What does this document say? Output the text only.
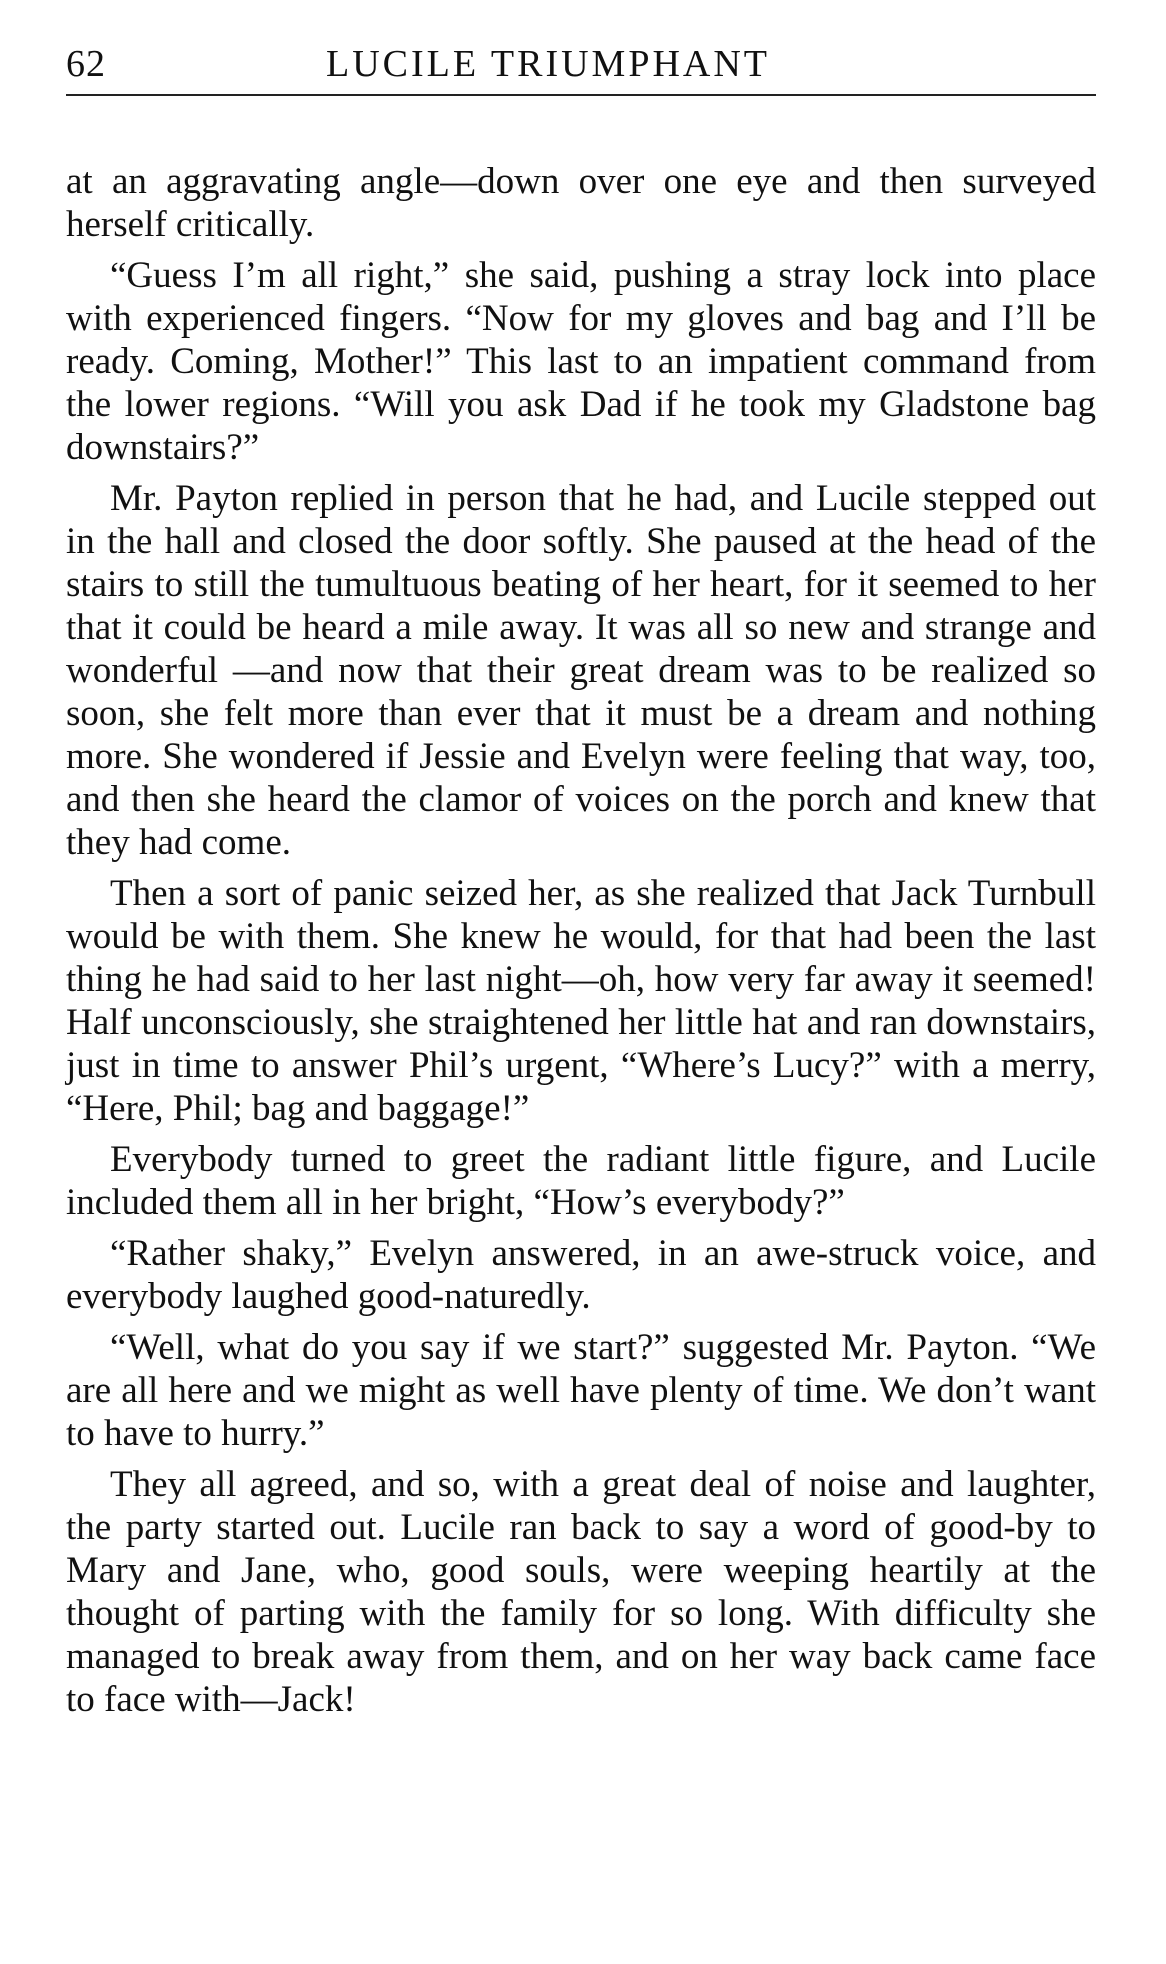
62	LUCILE TRIUMPHANT

at an aggravating angle—down over one eye and then surveyed herself critically.

“Guess I’m all right,” she said, pushing a stray lock into place with experienced fingers. “Now for my gloves and bag and I’ll be ready. Coming, Mother!” This last to an impatient command from the lower regions. “Will you ask Dad if he took my Gladstone bag downstairs?”

Mr. Payton replied in person that he had, and Lucile stepped out in the hall and closed the door softly. She paused at the head of the stairs to still the tumultuous beating of her heart, for it seemed to her that it could be heard a mile away. It was all so new and strange and wonderful —and now that their great dream was to be realized so soon, she felt more than ever that it must be a dream and nothing more. She wondered if Jessie and Evelyn were feeling that way, too, and then she heard the clamor of voices on the porch and knew that they had come.

Then a sort of panic seized her, as she realized that Jack Turnbull would be with them. She knew he would, for that had been the last thing he had said to her last night—oh, how very far away it seemed! Half unconsciously, she straightened her little hat and ran downstairs, just in time to answer Phil’s urgent, “Where’s Lucy?” with a merry, “Here, Phil; bag and baggage!”

Everybody turned to greet the radiant little figure, and Lucile included them all in her bright, “How’s everybody?”

“Rather shaky,” Evelyn answered, in an awe-struck voice, and everybody laughed good-naturedly.

“Well, what do you say if we start?” suggested Mr. Payton. “We are all here and we might as well have plenty of time. We don’t want to have to hurry.”

They all agreed, and so, with a great deal of noise and laughter, the party started out. Lucile ran back to say a word of good-by to Mary and Jane, who, good souls, were weeping heartily at the thought of parting with the family for so long. With difficulty she managed to break away from them, and on her way back came face to face with—Jack!
